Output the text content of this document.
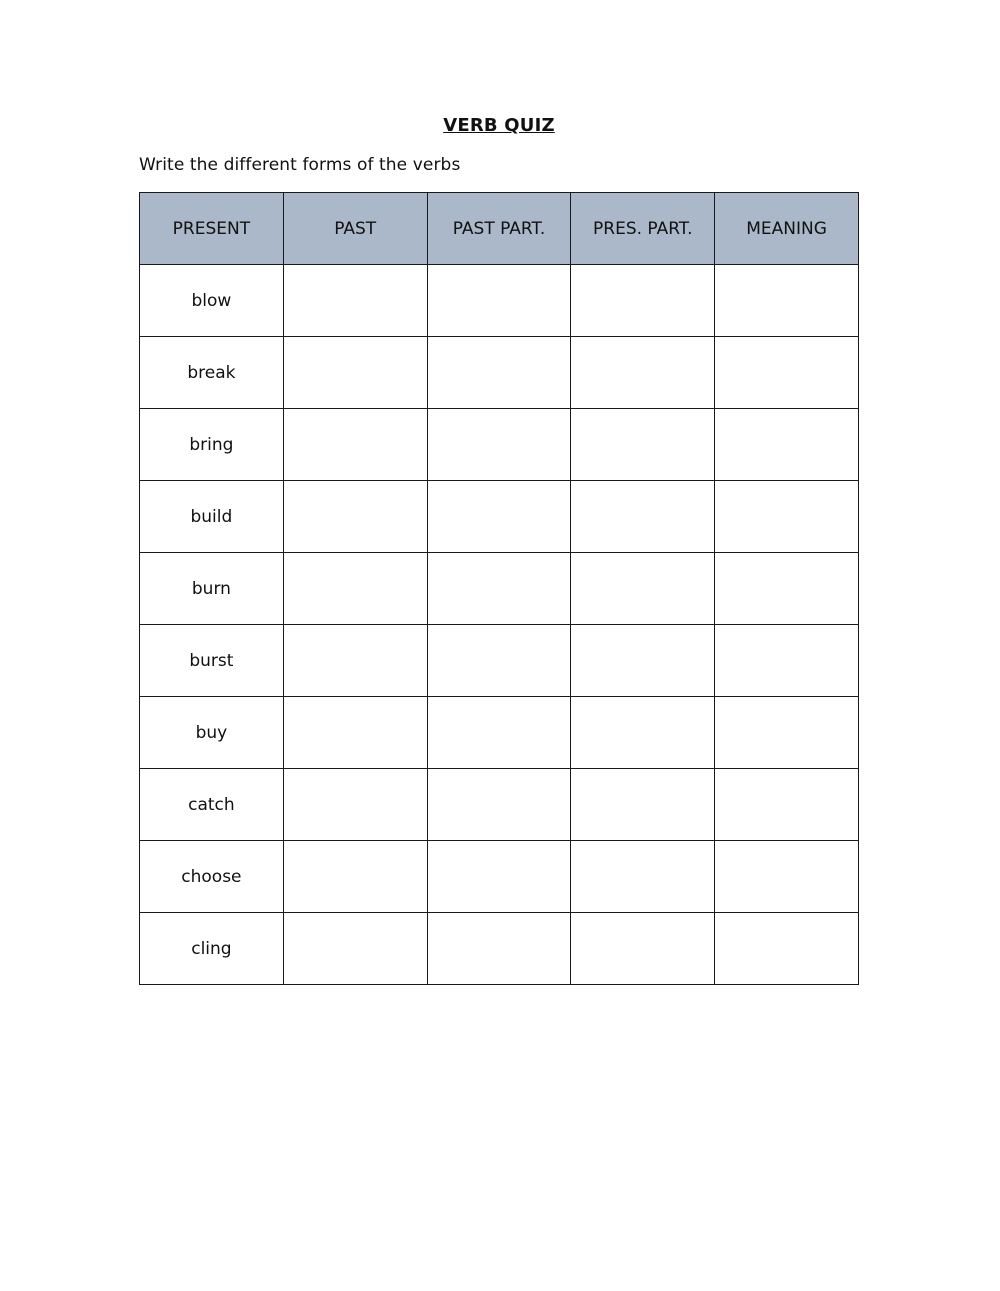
VERB QUIZ
Write the different forms of the verbs
PRESENT	PAST	PAST PART.	PRES. PART.	MEANING
blow				
break				
bring				
build				
burn				
burst				
buy				
catch				
choose				
cling				
